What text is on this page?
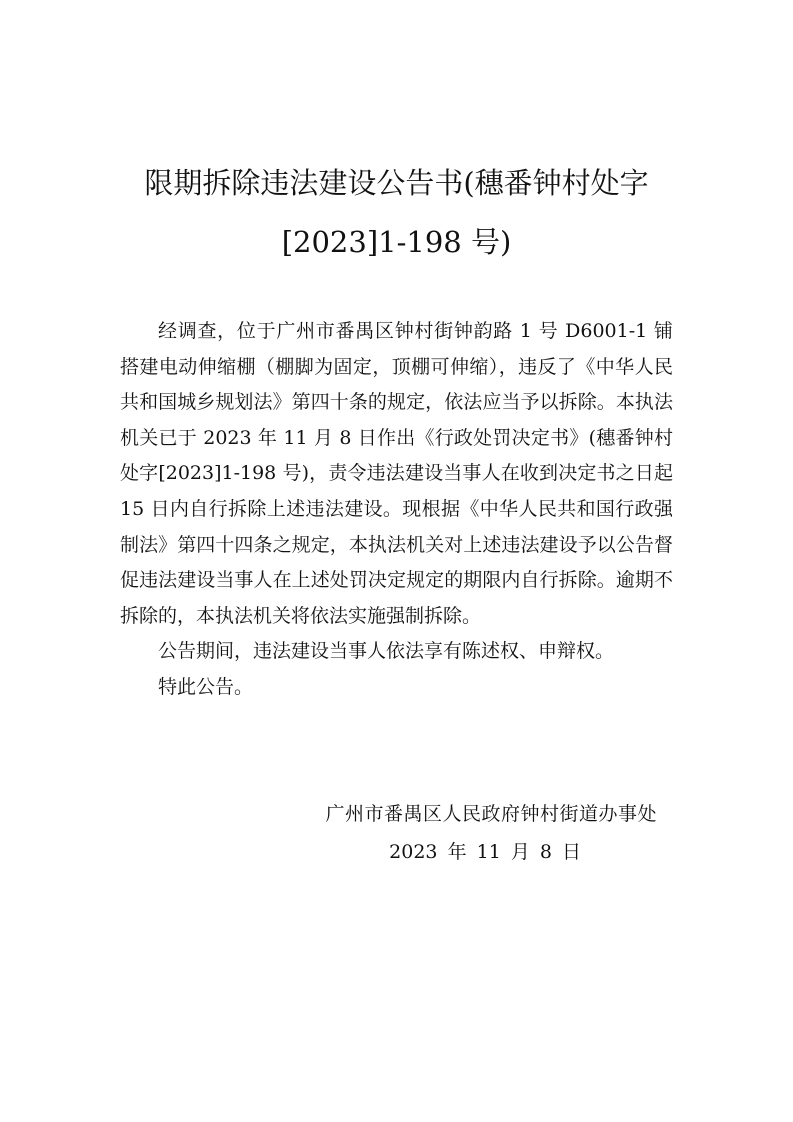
限期拆除违法建设公告书(穗番钟村处字
[2023]1-198 号)

经调查，位于广州市番禺区钟村街钟韵路 1 号 D6001-1 铺搭建电动伸缩棚（棚脚为固定，顶棚可伸缩），违反了《中华人民共和国城乡规划法》第四十条的规定，依法应当予以拆除。本执法机关已于 2023 年 11 月 8 日作出《行政处罚决定书》(穗番钟村处字[2023]1-198 号)，责令违法建设当事人在收到决定书之日起 15 日内自行拆除上述违法建设。现根据《中华人民共和国行政强制法》第四十四条之规定，本执法机关对上述违法建设予以公告督促违法建设当事人在上述处罚决定规定的期限内自行拆除。逾期不拆除的，本执法机关将依法实施强制拆除。

公告期间，违法建设当事人依法享有陈述权、申辩权。

特此公告。

广州市番禺区人民政府钟村街道办事处
2023 年 11 月 8 日
